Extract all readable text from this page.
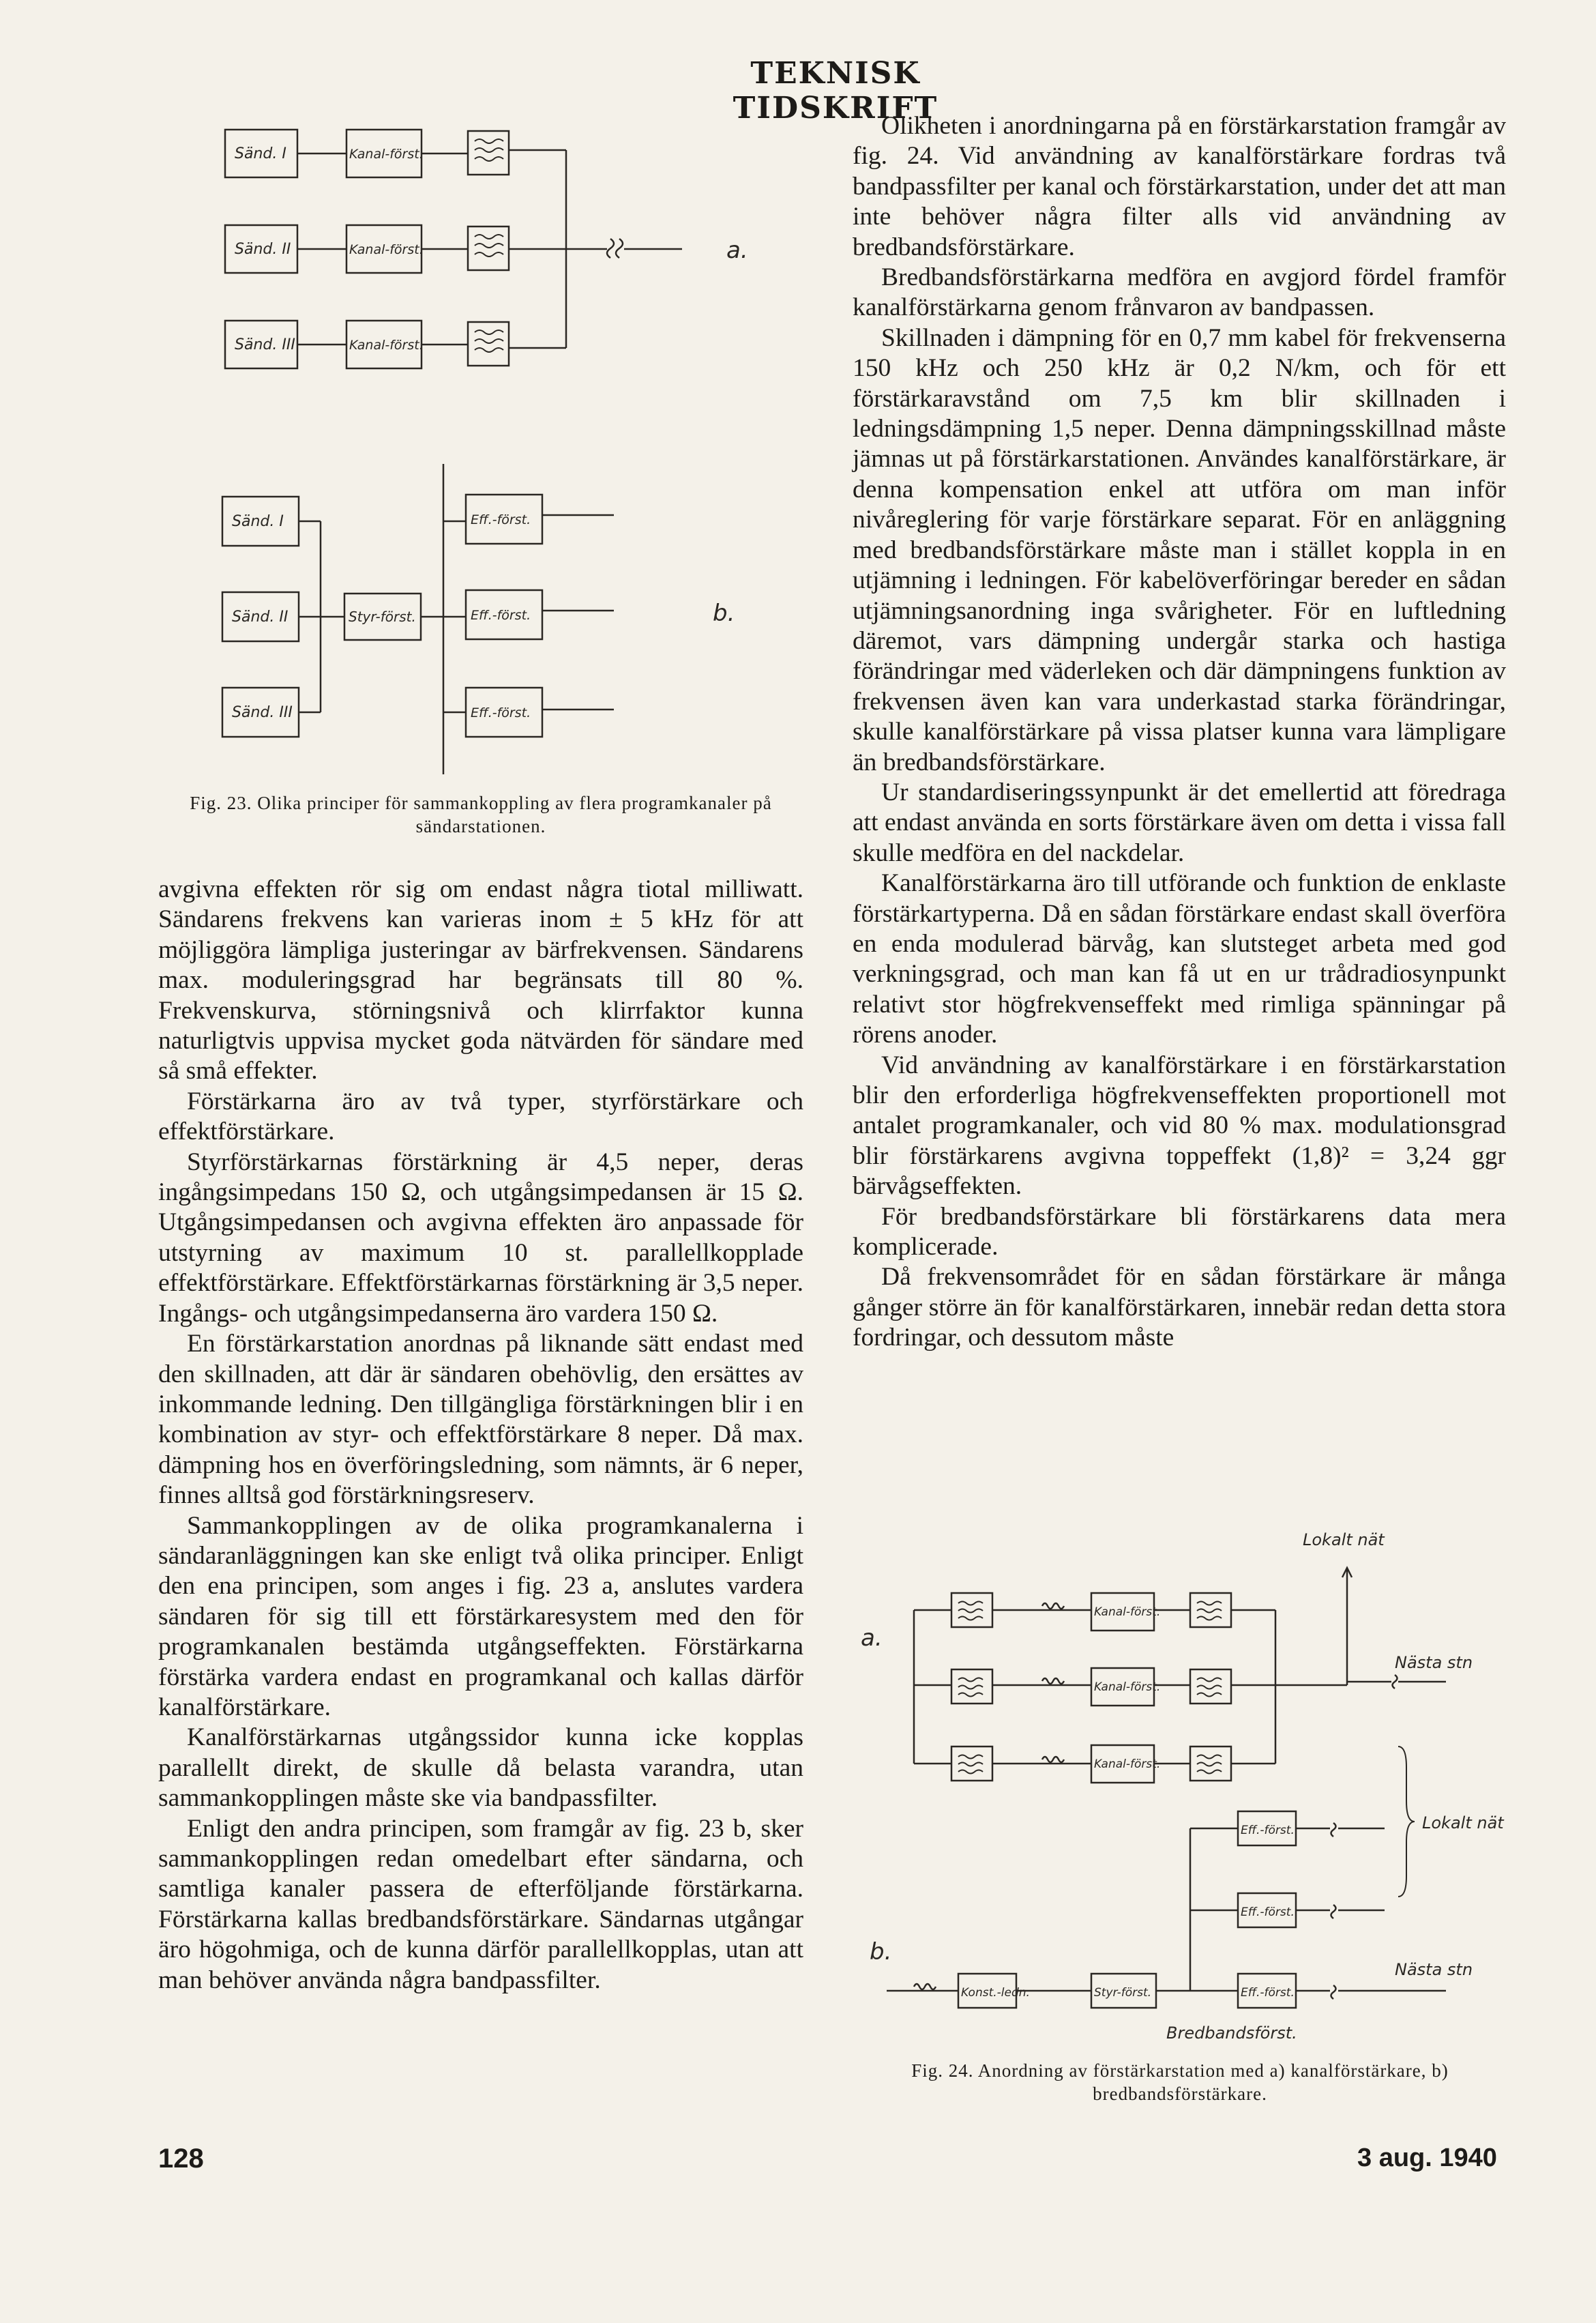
TEKNISK TIDSKRIFT
Sänd. I
Sänd. II
Sänd. III
Kanal-först.
Kanal-först.
Kanal-först.
a.
Sänd. I
Sänd. II
Sänd. III
Styr-först.
Eff.-först.
Eff.-först.
Eff.-först.
b.
Fig. 23. Olika principer för sammankoppling av flera programkanaler på sändarstationen.

avgivna effekten rör sig om endast några tiotal milliwatt. Sändarens frekvens kan varieras inom ± 5 kHz för att möjliggöra lämpliga justeringar av bärfrekvensen. Sändarens max. moduleringsgrad har begränsats till 80 %. Frekvenskurva, störningsnivå och klirrfaktor kunna naturligtvis uppvisa mycket goda nätvärden för sändare med så små effekter.

Förstärkarna äro av två typer, styrförstärkare och effektförstärkare.

Styrförstärkarnas förstärkning är 4,5 neper, deras ingångsimpedans 150 Ω, och utgångsimpedansen är 15 Ω. Utgångsimpedansen och avgivna effekten äro anpassade för utstyrning av maximum 10 st. parallellkopplade effektförstärkare. Effektförstärkarnas förstärkning är 3,5 neper. Ingångs- och utgångsimpedanserna äro vardera 150 Ω.

En förstärkarstation anordnas på liknande sätt endast med den skillnaden, att där är sändaren obehövlig, den ersättes av inkommande ledning. Den tillgängliga förstärkningen blir i en kombination av styr- och effektförstärkare 8 neper. Då max. dämpning hos en överföringsledning, som nämnts, är 6 neper, finnes alltså god förstärkningsreserv.

Sammankopplingen av de olika programkanalerna i sändaranläggningen kan ske enligt två olika principer. Enligt den ena principen, som anges i fig. 23 a, anslutes vardera sändaren för sig till ett förstärkaresystem med den för programkanalen bestämda utgångseffekten. Förstärkarna förstärka vardera endast en programkanal och kallas därför kanalförstärkare.

Kanalförstärkarnas utgångssidor kunna icke kopplas parallellt direkt, de skulle då belasta varandra, utan sammankopplingen måste ske via bandpassfilter.

Enligt den andra principen, som framgår av fig. 23 b, sker sammankopplingen redan omedelbart efter sändarna, och samtliga kanaler passera de efterföljande förstärkarna. Förstärkarna kallas bredbandsförstärkare. Sändarnas utgångar äro högohmiga, och de kunna därför parallellkopplas, utan att man behöver använda några bandpassfilter.

Olikheten i anordningarna på en förstärkarstation framgår av fig. 24. Vid användning av kanalförstärkare fordras två bandpassfilter per kanal och förstärkarstation, under det att man inte behöver några filter alls vid användning av bredbandsförstärkare.

Bredbandsförstärkarna medföra en avgjord fördel framför kanalförstärkarna genom frånvaron av bandpassen.

Skillnaden i dämpning för en 0,7 mm kabel för frekvenserna 150 kHz och 250 kHz är 0,2 N/km, och för ett förstärkaravstånd om 7,5 km blir skillnaden i ledningsdämpning 1,5 neper. Denna dämpningsskillnad måste jämnas ut på förstärkarstationen. Användes kanalförstärkare, är denna kompensation enkel att utföra om man inför nivåreglering för varje förstärkare separat. För en anläggning med bredbandsförstärkare måste man i stället koppla in en utjämning i ledningen. För kabelöverföringar bereder en sådan utjämningsanordning inga svårigheter. För en luftledning däremot, vars dämpning undergår starka och hastiga förändringar med väderleken och där dämpningens funktion av frekvensen även kan vara underkastad starka förändringar, skulle kanalförstärkare på vissa platser kunna vara lämpligare än bredbandsförstärkare.

Ur standardiseringssynpunkt är det emellertid att föredraga att endast använda en sorts förstärkare även om detta i vissa fall skulle medföra en del nackdelar.

Kanalförstärkarna äro till utförande och funktion de enklaste förstärkartyperna. Då en sådan förstärkare endast skall överföra en enda modulerad bärvåg, kan slutsteget arbeta med god verkningsgrad, och man kan få ut en ur trådradiosynpunkt relativt stor högfrekvenseffekt med rimliga spänningar på rörens anoder.

Vid användning av kanalförstärkare i en förstärkarstation blir den erforderliga högfrekvenseffekten proportionell mot antalet programkanaler, och vid 80 % max. modulationsgrad blir förstärkarens avgivna toppeffekt (1,8)² = 3,24 ggr bärvågseffekten.

För bredbandsförstärkare bli förstärkarens data mera komplicerade.

Då frekvensområdet för en sådan förstärkare är många gånger större än för kanalförstärkaren, innebär redan detta stora fordringar, och dessutom måste

Lokalt nät
a.
Nästa stn
Kanal-först.
Kanal-först.
Kanal-först.
Eff.-först.
Eff.-först.
Eff.-först.
Lokalt nät
b.
Nästa stn
Konst.-ledn.	Styr-först.
Bredbandsförst.
Fig. 24. Anordning av förstärkarstation med a) kanalförstärkare, b) bredbandsförstärkare.
128	3 aug. 1940
